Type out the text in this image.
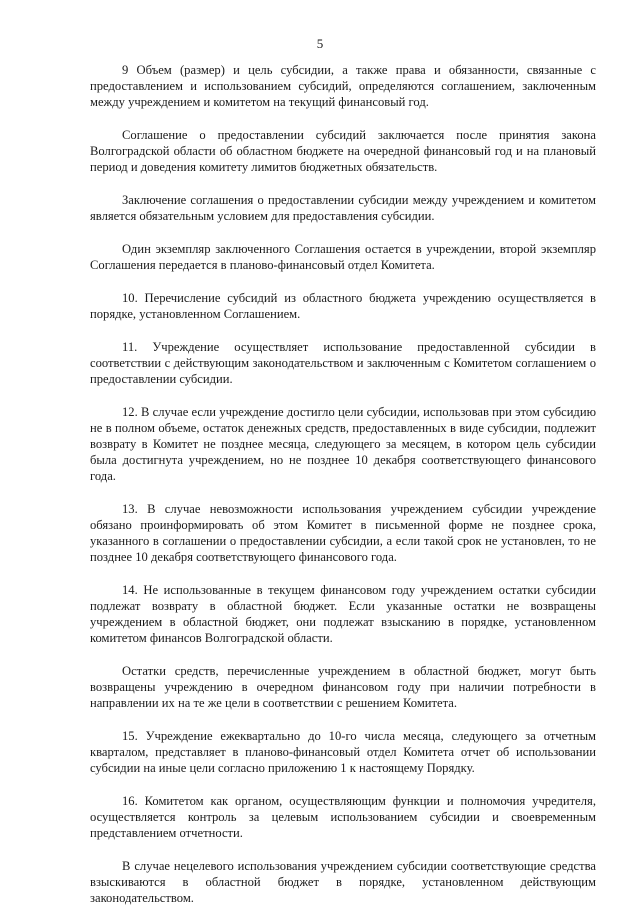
5

9 Объем (размер) и цель субсидии, а также права и обязанности, связанные с предоставлением и использованием субсидий, определяются соглашением, заключенным между учреждением и комитетом на текущий финансовый год.

Соглашение о предоставлении субсидий заключается после принятия закона Волгоградской области об областном бюджете на очередной финансовый год и на плановый период и доведения комитету лимитов бюджетных обязательств.

Заключение соглашения о предоставлении субсидии между учреждением и комитетом является обязательным условием для предоставления субсидии.

Один экземпляр заключенного Соглашения остается в учреждении, второй экземпляр Соглашения передается в планово-финансовый отдел Комитета.

10. Перечисление субсидий из областного бюджета учреждению осуществляется в порядке, установленном Соглашением.

11. Учреждение осуществляет использование предоставленной субсидии в соответствии с действующим законодательством и заключенным с Комитетом соглашением о предоставлении субсидии.

12. В случае если учреждение достигло цели субсидии, использовав при этом субсидию не в полном объеме, остаток денежных средств, предоставленных в виде субсидии, подлежит возврату в Комитет не позднее месяца, следующего за месяцем, в котором цель субсидии была достигнута учреждением, но не позднее 10 декабря соответствующего финансового года.

13. В случае невозможности использования учреждением субсидии учреждение обязано проинформировать об этом Комитет в письменной форме не позднее срока, указанного в соглашении о предоставлении субсидии, а если такой срок не установлен, то не позднее 10 декабря соответствующего финансового года.

14. Не использованные в текущем финансовом году учреждением остатки субсидии подлежат возврату в областной бюджет. Если указанные остатки не возвращены учреждением в областной бюджет, они подлежат взысканию в порядке, установленном комитетом финансов Волгоградской области.

Остатки средств, перечисленные учреждением в областной бюджет, могут быть возвращены учреждению в очередном финансовом году при наличии потребности в направлении их на те же цели в соответствии с решением Комитета.

15. Учреждение ежеквартально до 10-го числа месяца, следующего за отчетным кварталом, представляет в планово-финансовый отдел Комитета отчет об использовании субсидии на иные цели согласно приложению 1 к настоящему Порядку.

16. Комитетом как органом, осуществляющим функции и полномочия учредителя, осуществляется контроль за целевым использованием субсидии и своевременным представлением отчетности.

В случае нецелевого использования учреждением субсидии соответствующие средства взыскиваются в областной бюджет в порядке, установленном действующим законодательством.
